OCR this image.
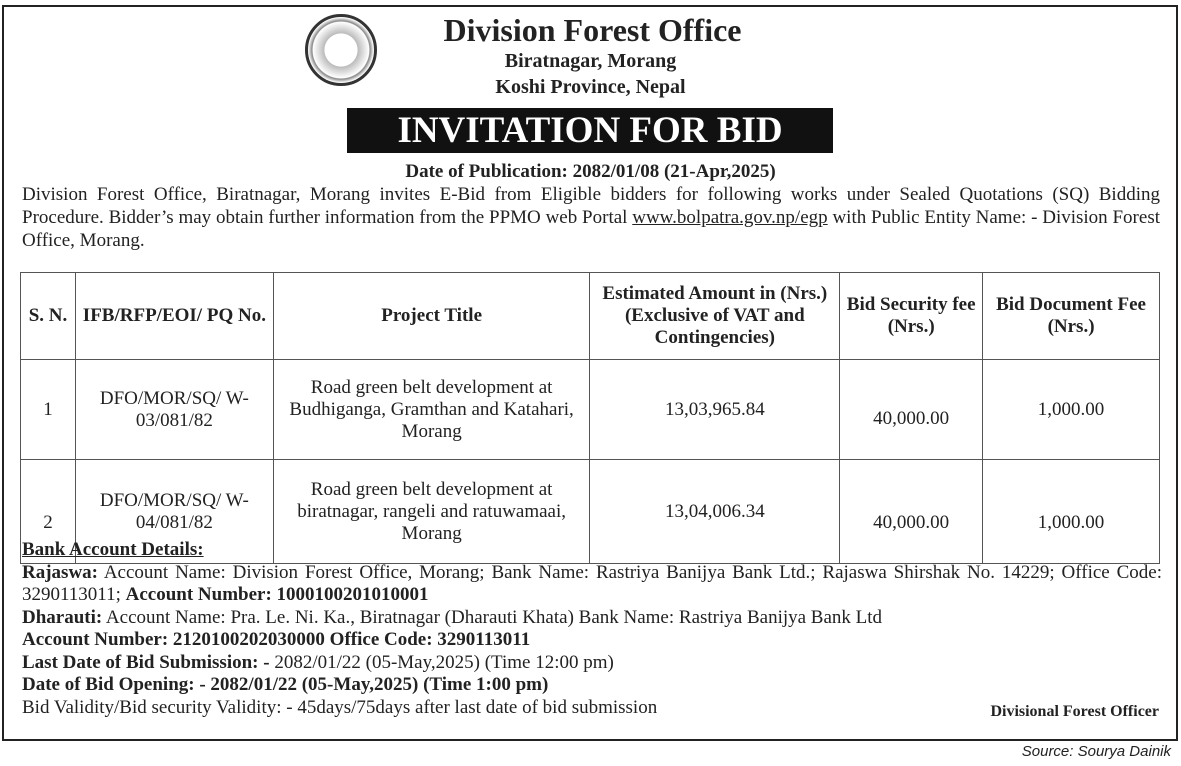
Division Forest Office
Biratnagar, Morang
Koshi Province, Nepal
INVITATION FOR BID
Date of Publication: 2082/01/08 (21-Apr,2025)
Division Forest Office, Biratnagar, Morang invites E-Bid from Eligible bidders for following works under Sealed Quotations (SQ) Bidding Procedure. Bidder’s may obtain further information from the PPMO web Portal www.bolpatra.gov.np/egp with Public Entity Name: - Division Forest Office, Morang.
S. N.	IFB/RFP/EOI/ PQ No.	Project Title	Estimated Amount in (Nrs.) (Exclusive of VAT and Contingencies)	Bid Security fee (Nrs.)	Bid Document Fee (Nrs.)
1	DFO/MOR/SQ/ W-03/081/82	Road green belt development at Budhiganga, Gramthan and Katahari, Morang	13,03,965.84	40,000.00	1,000.00
2	DFO/MOR/SQ/ W-04/081/82	Road green belt development at biratnagar, rangeli and ratuwamaai, Morang	13,04,006.34	40,000.00	1,000.00
Bank Account Details:
Rajaswa: Account Name: Division Forest Office, Morang; Bank Name: Rastriya Banijya Bank Ltd.; Rajaswa Shirshak No. 14229; Office Code: 3290113011; Account Number: 1000100201010001
Dharauti: Account Name: Pra. Le. Ni. Ka., Biratnagar (Dharauti Khata) Bank Name: Rastriya Banijya Bank Ltd
Account Number: 2120100202030000 Office Code: 3290113011
Last Date of Bid Submission: - 2082/01/22 (05-May,2025) (Time 12:00 pm)
Date of Bid Opening: - 2082/01/22 (05-May,2025) (Time 1:00 pm)
Bid Validity/Bid security Validity: - 45days/75days after last date of bid submission	Divisional Forest Officer
Source: Sourya Dainik
